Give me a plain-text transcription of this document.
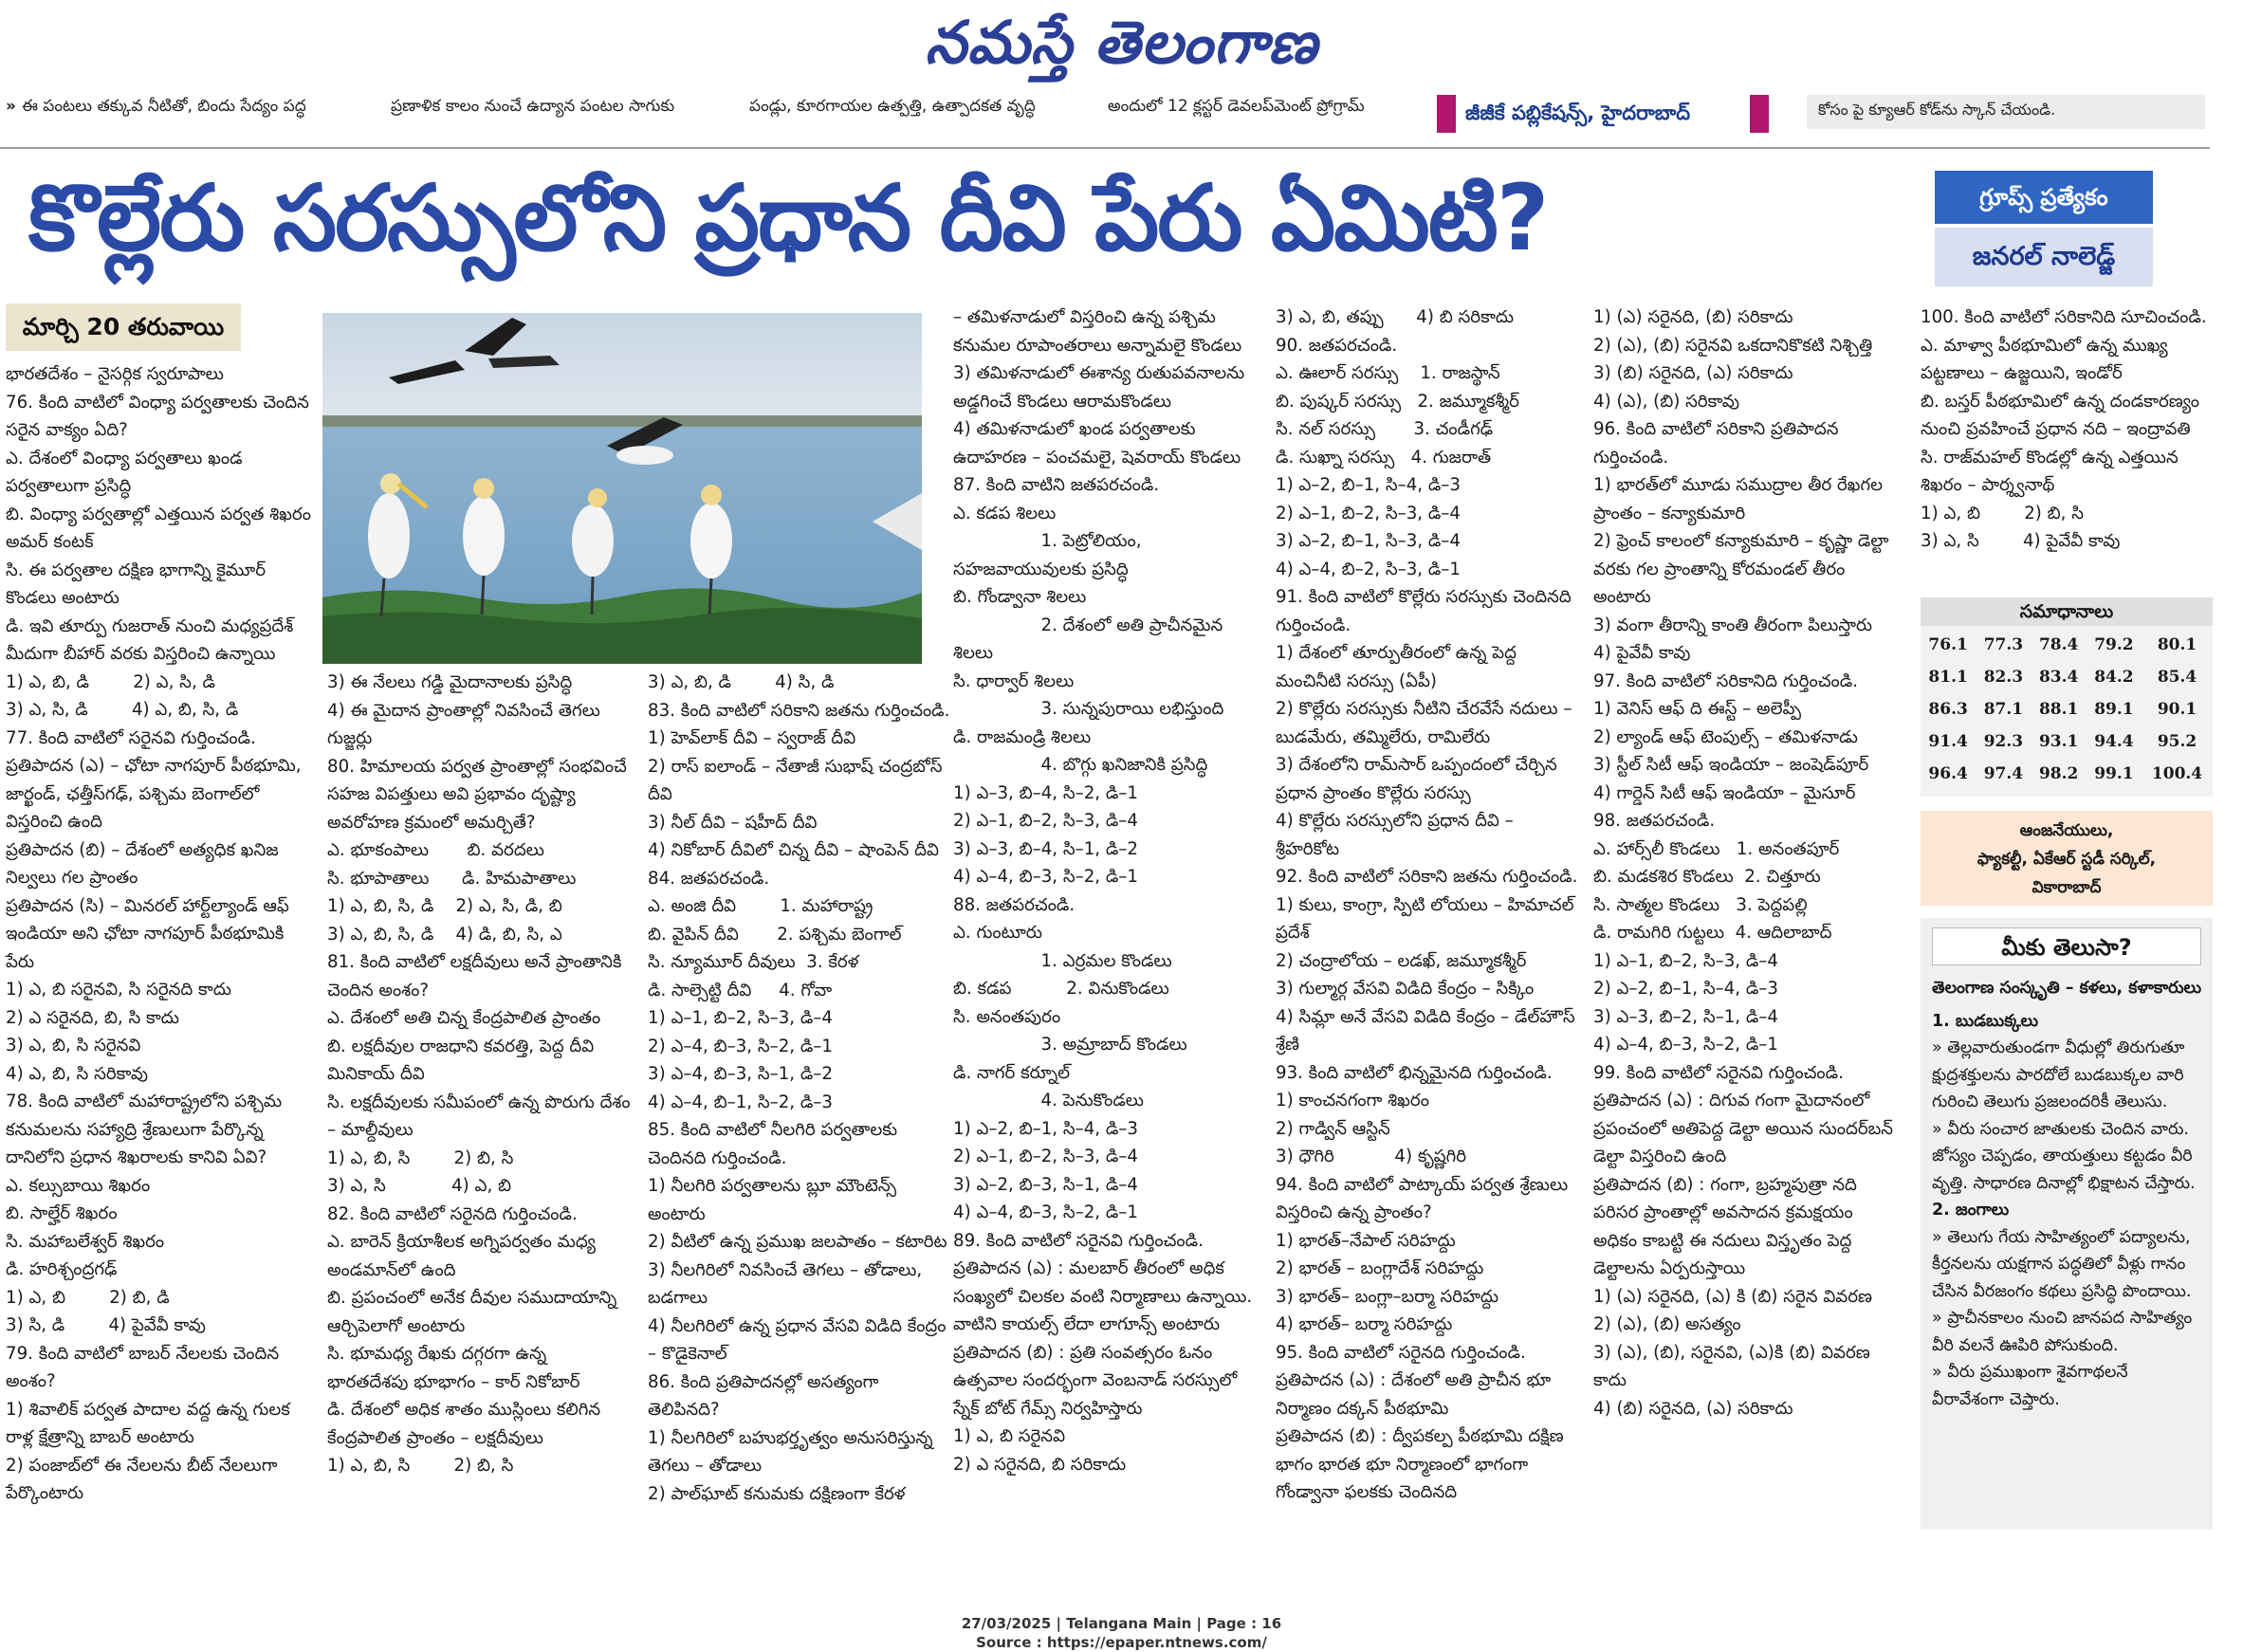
నమస్తే తెలంగాణ
» ఈ పంటలు తక్కువ నీటితో, బిందు సేద్యం పద్ధ	ప్రణాళిక కాలం నుంచే ఉద్యాన పంటల సాగుకు	పండ్లు, కూరగాయల ఉత్పత్తి, ఉత్పాదకత వృద్ధి	అందులో 12 క్లస్టర్ డెవలప్‌మెంట్ ప్రోగ్రామ్	జీజీకే పబ్లికేషన్స్, హైదరాబాద్	కోసం పై క్యూఆర్ కోడ్‌ను స్కాన్ చేయండి.
కొల్లేరు సరస్సులోని ప్రధాన దీవి పేరు ఏమిటి?	గ్రూప్స్ ప్రత్యేకం
జనరల్ నాలెడ్జ్
మార్చి 20 తరువాయి

భారతదేశం – నైసర్గిక స్వరూపాలు
76. కింది వాటిలో వింధ్యా పర్వతాలకు చెందిన సరైన వాక్యం ఏది?
ఎ. దేశంలో వింధ్యా పర్వతాలు ఖండ పర్వతాలుగా ప్రసిద్ధి
బి. వింధ్యా పర్వతాల్లో ఎత్తయిన పర్వత శిఖరం అమర్ కంటక్
సి. ఈ పర్వతాల దక్షిణ భాగాన్ని కైమూర్ కొండలు అంటారు
డి. ఇవి తూర్పు గుజరాత్ నుంచి మధ్యప్రదేశ్ మీదుగా బీహార్ వరకు విస్తరించి ఉన్నాయి
1) ఎ, బి, డి        2) ఎ, సి, డి
3) ఎ, సి, డి        4) ఎ, బి, సి, డి
77. కింది వాటిలో సరైనవి గుర్తించండి.
ప్రతిపాదన (ఎ) – ఛోటా నాగపూర్ పీఠభూమి, జార్ఖండ్, ఛత్తీస్‌గఢ్, పశ్చిమ బెంగాల్‌లో విస్తరించి ఉంది
ప్రతిపాదన (బి) – దేశంలో అత్యధిక ఖనిజ నిల్వలు గల ప్రాంతం
ప్రతిపాదన (సి) – మినరల్ హార్ట్‌ల్యాండ్ ఆఫ్ ఇండియా అని ఛోటా నాగపూర్ పీఠభూమికి పేరు
1) ఎ, బి సరైనవి, సి సరైనది కాదు
2) ఎ సరైనది, బి, సి కాదు
3) ఎ, బి, సి సరైనవి
4) ఎ, బి, సి సరికావు
78. కింది వాటిలో మహారాష్ట్రలోని పశ్చిమ కనుమలను సహ్యాద్రి శ్రేణులుగా పేర్కొన్న దానిలోని ప్రధాన శిఖరాలకు కానివి ఏవి?
ఎ. కల్సుబాయి శిఖరం
బి. సాల్హేర్ శిఖరం
సి. మహాబలేశ్వర్ శిఖరం
డి. హరిశ్చంద్రగఢ్
1) ఎ, బి        2) బి, డి
3) సి, డి        4) పైవేవీ కావు
79. కింది వాటిలో బాబర్ నేలలకు చెందిన అంశం?
1) శివాలిక్ పర్వత పాదాల వద్ద ఉన్న గులక రాళ్ల క్షేత్రాన్ని బాబర్ అంటారు
2) పంజాబ్‌లో ఈ నేలలను బీట్ నేలలుగా పేర్కొంటారు

3) ఈ నేలలు గడ్డి మైదానాలకు ప్రసిద్ధి
4) ఈ మైదాన ప్రాంతాల్లో నివసించే తెగలు గుజ్జర్లు
80. హిమాలయ పర్వత ప్రాంతాల్లో సంభవించే సహజ విపత్తులు అవి ప్రభావం దృష్ట్యా అవరోహణ క్రమంలో అమర్చితే?
ఎ. భూకంపాలు       బి. వరదలు
సి. భూపాతాలు      డి. హిమపాతాలు
1) ఎ, బి, సి, డి    2) ఎ, సి, డి, బి
3) ఎ, బి, సి, డి    4) డి, బి, సి, ఎ
81. కింది వాటిలో లక్షదీవులు అనే ప్రాంతానికి చెందిన అంశం?
ఎ. దేశంలో అతి చిన్న కేంద్రపాలిత ప్రాంతం
బి. లక్షదీవుల రాజధాని కవరత్తి, పెద్ద దీవి మినికాయ్ దీవి
సి. లక్షదీవులకు సమీపంలో ఉన్న పొరుగు దేశం – మాల్దీవులు
1) ఎ, బి, సి        2) బి, సి
3) ఎ, సి            4) ఎ, బి
82. కింది వాటిలో సరైనది గుర్తించండి.
ఎ. బారెన్ క్రియాశీలక అగ్నిపర్వతం మధ్య అండమాన్‌లో ఉంది
బి. ప్రపంచంలో అనేక దీవుల సముదాయాన్ని ఆర్చిపెలాగో అంటారు
సి. భూమధ్య రేఖకు దగ్గరగా ఉన్న భారతదేశపు భూభాగం – కార్ నికోబార్
డి. దేశంలో అధిక శాతం ముస్లింలు కలిగిన కేంద్రపాలిత ప్రాంతం – లక్షదీవులు
1) ఎ, బి, సి        2) బి, సి

3) ఎ, బి, డి        4) సి, డి
83. కింది వాటిలో సరికాని జతను గుర్తించండి.
1) హెవ్‌లాక్ దీవి – స్వరాజ్ దీవి
2) రాస్ ఐలాండ్ – నేతాజీ సుభాష్ చంద్రబోస్ దీవి
3) నీల్ దీవి – షహీద్ దీవి
4) నికోబార్ దీవిలో చిన్న దీవి – షాంపెన్ దీవి
84. జతపరచండి.
ఎ. అంజి దీవి        1. మహారాష్ట్ర
బి. వైపిన్ దీవి       2. పశ్చిమ బెంగాల్
సి. న్యూమూర్ దీవులు  3. కేరళ
డి. సాల్సెట్టి దీవి     4. గోవా
1) ఎ–1, బి–2, సి–3, డి–4
2) ఎ–4, బి–3, సి–2, డి–1
3) ఎ–4, బి–3, సి–1, డి–2
4) ఎ–4, బి–1, సి–2, డి–3
85. కింది వాటిలో నీలగిరి పర్వతాలకు చెందినది గుర్తించండి.
1) నీలగిరి పర్వతాలను బ్లూ మౌంటెన్స్ అంటారు
2) వీటిలో ఉన్న ప్రముఖ జలపాతం – కటారిట
3) నీలగిరిలో నివసించే తెగలు – తోడాలు, బడగాలు
4) నీలగిరిలో ఉన్న ప్రధాన వేసవి విడిది కేంద్రం – కొడైకెనాల్
86. కింది ప్రతిపాదనల్లో అసత్యంగా తెలిపినది?
1) నీలగిరిలో బహుభర్తృత్వం అనుసరిస్తున్న తెగలు – తోడాలు
2) పాల్‌ఘాట్ కనుమకు దక్షిణంగా కేరళ

– తమిళనాడులో విస్తరించి ఉన్న పశ్చిమ కనుమల రూపాంతరాలు అన్నామలై కొండలు
3) తమిళనాడులో ఈశాన్య రుతుపవనాలను అడ్డగించే కొండలు ఆరామకొండలు
4) తమిళనాడులో ఖండ పర్వతాలకు ఉదాహరణ – పంచమలై, షెవరాయ్ కొండలు
87. కింది వాటిని జతపరచండి.
ఎ. కడప శిలలు
1. పెట్రోలియం, సహజవాయువులకు ప్రసిద్ధి
బి. గోండ్వానా శిలలు
2. దేశంలో అతి ప్రాచీనమైన శిలలు
సి. ధార్వార్ శిలలు
3. సున్నపురాయి లభిస్తుంది
డి. రాజమండ్రి శిలలు
4. బొగ్గు ఖనిజానికి ప్రసిద్ధి
1) ఎ–3, బి–4, సి–2, డి–1
2) ఎ–1, బి–2, సి–3, డి–4
3) ఎ–3, బి–4, సి–1, డి–2
4) ఎ–4, బి–3, సి–2, డి–1
88. జతపరచండి.
ఎ. గుంటూరు
1. ఎర్రమల కొండలు
బి. కడప          2. వినుకొండలు
సి. అనంతపురం
3. అమ్రాబాద్ కొండలు
డి. నాగర్ కర్నూల్
4. పెనుకొండలు
1) ఎ–2, బి–1, సి–4, డి–3
2) ఎ–1, బి–2, సి–3, డి–4
3) ఎ–2, బి–3, సి–1, డి–4
4) ఎ–4, బి–3, సి–2, డి–1
89. కింది వాటిలో సరైనవి గుర్తించండి.
ప్రతిపాదన (ఎ) : మలబార్ తీరంలో అధిక సంఖ్యలో చిలకల వంటి నిర్మాణాలు ఉన్నాయి. వాటిని కాయల్స్ లేదా లాగూన్స్ అంటారు
ప్రతిపాదన (బి) : ప్రతి సంవత్సరం ఓనం ఉత్సవాల సందర్భంగా వెంబనాడ్ సరస్సులో స్నేక్ బోట్ గేమ్స్ నిర్వహిస్తారు
1) ఎ, బి సరైనవి
2) ఎ సరైనది, బి సరికాదు

3) ఎ, బి, తప్పు      4) బి సరికాదు
90. జతపరచండి.
ఎ. ఊలార్ సరస్సు    1. రాజస్థాన్
బి. పుష్కర్ సరస్సు   2. జమ్మూకశ్మీర్
సి. నల్ సరస్సు       3. చండీగఢ్
డి. సుఖ్నా సరస్సు   4. గుజరాత్
1) ఎ–2, బి–1, సి–4, డి–3
2) ఎ–1, బి–2, సి–3, డి–4
3) ఎ–2, బి–1, సి–3, డి–4
4) ఎ–4, బి–2, సి–3, డి–1
91. కింది వాటిలో కొల్లేరు సరస్సుకు చెందినది గుర్తించండి.
1) దేశంలో తూర్పుతీరంలో ఉన్న పెద్ద మంచినీటి సరస్సు (ఏపీ)
2) కొల్లేరు సరస్సుకు నీటిని చేరవేసే నదులు – బుడమేరు, తమ్మిలేరు, రామిలేరు
3) దేశంలోని రామ్‌సార్ ఒప్పందంలో చేర్చిన ప్రధాన ప్రాంతం కొల్లేరు సరస్సు
4) కొల్లేరు సరస్సులోని ప్రధాన దీవి – శ్రీహరికోట
92. కింది వాటిలో సరికాని జతను గుర్తించండి.
1) కులు, కాంగ్రా, స్పిటి లోయలు – హిమాచల్ ప్రదేశ్
2) చంద్రాలోయ – లడఖ్, జమ్మూకశ్మీర్
3) గుల్మార్గ వేసవి విడిది కేంద్రం – సిక్కిం
4) సిమ్లా అనే వేసవి విడిది కేంద్రం – డేల్‌హౌస్ శ్రేణి
93. కింది వాటిలో భిన్నమైనది గుర్తించండి.
1) కాంచనగంగా శిఖరం
2) గాడ్విన్ ఆస్టిన్
3) ధౌగిరి           4) కృష్ణగిరి
94. కింది వాటిలో పాట్కాయ్ పర్వత శ్రేణులు విస్తరించి ఉన్న ప్రాంతం?
1) భారత్–నేపాల్ సరిహద్దు
2) భారత్ – బంగ్లాదేశ్ సరిహద్దు
3) భారత్– బంగ్లా–బర్మా సరిహద్దు
4) భారత్– బర్మా సరిహద్దు
95. కింది వాటిలో సరైనది గుర్తించండి.
ప్రతిపాదన (ఎ) : దేశంలో అతి ప్రాచీన భూ నిర్మాణం దక్కన్ పీఠభూమి
ప్రతిపాదన (బి) : ద్వీపకల్ప పీఠభూమి దక్షిణ భాగం భారత భూ నిర్మాణంలో భాగంగా గోండ్వానా ఫలకకు చెందినది

1) (ఎ) సరైనది, (బి) సరికాదు
2) (ఎ), (బి) సరైనవి ఒకదానికొకటి నిశ్చిత్తి
3) (బి) సరైనది, (ఎ) సరికాదు
4) (ఎ), (బి) సరికావు
96. కింది వాటిలో సరికాని ప్రతిపాదన గుర్తించండి.
1) భారత్‌లో మూడు సముద్రాల తీర రేఖగల ప్రాంతం – కన్యాకుమారి
2) ఫ్రెంచ్ కాలంలో కన్యాకుమారి – కృష్ణా డెల్టా వరకు గల ప్రాంతాన్ని కోరమండల్ తీరం అంటారు
3) వంగా తీరాన్ని కాంతి తీరంగా పిలుస్తారు
4) పైవేవీ కావు
97. కింది వాటిలో సరికానిది గుర్తించండి.
1) వెనిస్ ఆఫ్ ది ఈస్ట్ – అలెప్పీ
2) ల్యాండ్ ఆఫ్ టెంపుల్స్ – తమిళనాడు
3) స్టీల్ సిటీ ఆఫ్ ఇండియా – జంషెడ్‌పూర్
4) గార్డెన్ సిటీ ఆఫ్ ఇండియా – మైసూర్
98. జతపరచండి.
ఎ. హార్స్‌లీ కొండలు   1. అనంతపూర్
బి. మడకశిర కొండలు  2. చిత్తూరు
సి. సాత్మల కొండలు   3. పెద్దపల్లి
డి. రామగిరి గుట్టలు  4. ఆదిలాబాద్
1) ఎ–1, బి–2, సి–3, డి–4
2) ఎ–2, బి–1, సి–4, డి–3
3) ఎ–3, బి–2, సి–1, డి–4
4) ఎ–4, బి–3, సి–2, డి–1
99. కింది వాటిలో సరైనవి గుర్తించండి.
ప్రతిపాదన (ఎ) : దిగువ గంగా మైదానంలో ప్రపంచంలో అతిపెద్ద డెల్టా అయిన సుందర్‌బన్ డెల్టా విస్తరించి ఉంది
ప్రతిపాదన (బి) : గంగా, బ్రహ్మపుత్రా నది పరిసర ప్రాంతాల్లో అవసాదన క్రమక్షయం అధికం కాబట్టి ఈ నదులు విస్తృతం పెద్ద డెల్టాలను ఏర్పరుస్తాయి
1) (ఎ) సరైనది, (ఎ) కి (బి) సరైన వివరణ
2) (ఎ), (బి) అసత్యం
3) (ఎ), (బి), సరైనవి, (ఎ)కి (బి) వివరణ కాదు
4) (బి) సరైనది, (ఎ) సరికాదు

100. కింది వాటిలో సరికానిది సూచించండి.
ఎ. మాళ్వా పీఠభూమిలో ఉన్న ముఖ్య పట్టణాలు – ఉజ్జయిని, ఇండోర్
బి. బస్తర్ పీఠభూమిలో ఉన్న దండకారణ్యం నుంచి ప్రవహించే ప్రధాన నది – ఇంద్రావతి
సి. రాజ్‌మహల్ కొండల్లో ఉన్న ఎత్తయిన శిఖరం – పార్శ్వనాథ్
1) ఎ, బి        2) బి, సి
3) ఎ, సి        4) పైవేవీ కావు

సమాధానాలు
76.1	77.3	78.4	79.2	80.1
81.1	82.3	83.4	84.2	85.4
86.3	87.1	88.1	89.1	90.1
91.4	92.3	93.1	94.4	95.2
96.4	97.4	98.2	99.1	100.4
ఆంజనేయులు,
ఫ్యాకల్టీ, ఏకేఆర్ స్టడీ సర్కిల్,
వికారాబాద్
మీకు తెలుసా?

తెలంగాణ సంస్కృతి – కళలు, కళాకారులు

1. బుడబుక్కలు

» తెల్లవారుతుండగా వీధుల్లో తిరుగుతూ క్షుద్రశక్తులను పారదోలే బుడబుక్కల వారి గురించి తెలుగు ప్రజలందరికీ తెలుసు.

» వీరు సంచార జాతులకు చెందిన వారు. జోస్యం చెప్పడం, తాయత్తులు కట్టడం వీరి వృత్తి. సాధారణ దినాల్లో భిక్షాటన చేస్తారు.

2. జంగాలు

» తెలుగు గేయ సాహిత్యంలో పద్యాలను, కీర్తనలను యక్షగాన పద్ధతిలో వీళ్లు గానం చేసిన వీరజంగం కథలు ప్రసిద్ధి పొందాయి.

» ప్రాచీనకాలం నుంచి జానపద సాహిత్యం వీరి వలనే ఊపిరి పోసుకుంది.

» వీరు ప్రముఖంగా శైవగాథలనే వీరావేశంగా చెప్తారు.

27/03/2025 | Telangana Main | Page : 16
Source : https://epaper.ntnews.com/
